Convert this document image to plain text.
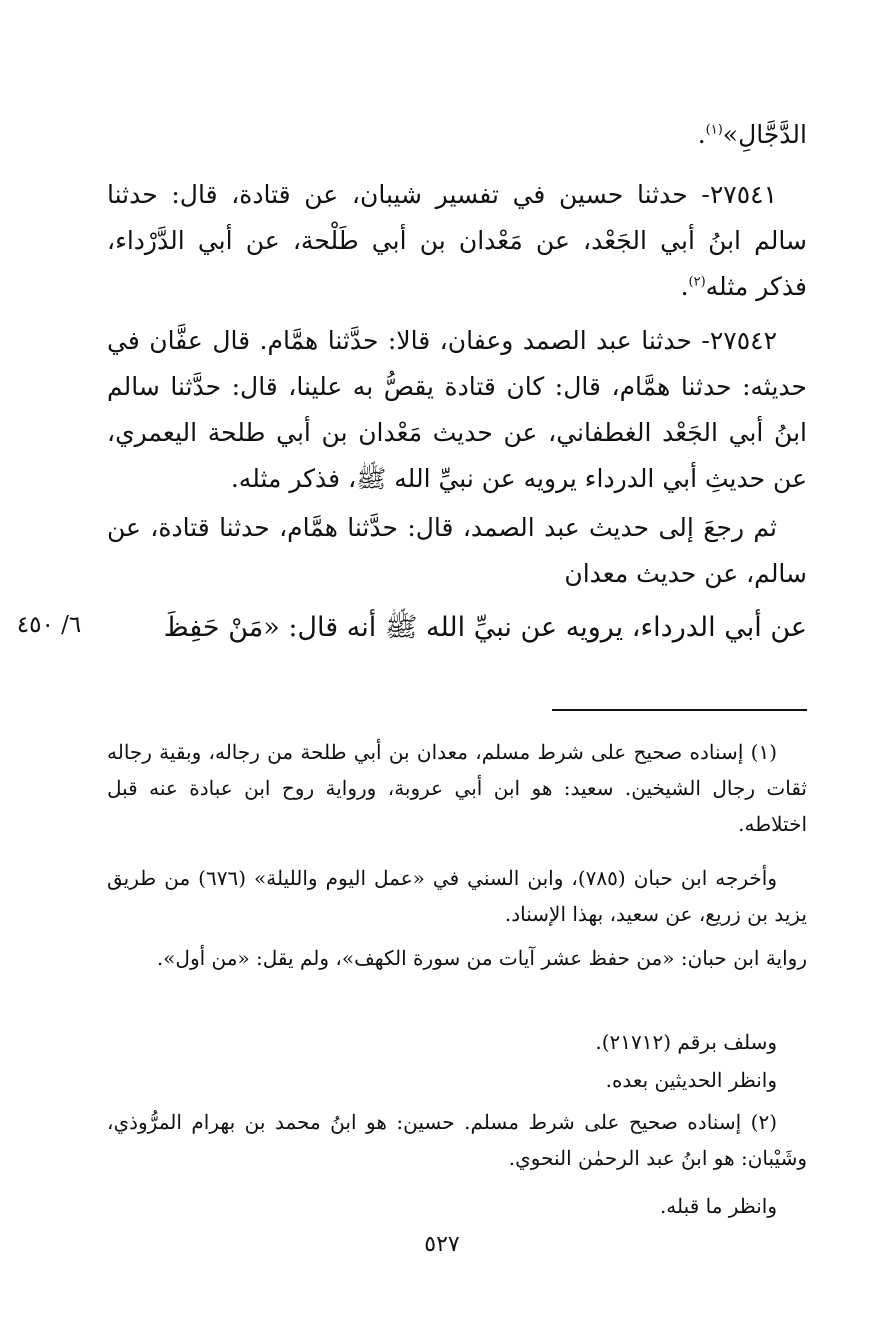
الدَّجَّالِ»$^{(١)}$.
٢٧٥٤١- حدثنا حسين في تفسير شيبان، عن قتادة، قال: حدثنا سالم ابنُ أبي الجَعْد، عن مَعْدان بن أبي طَلْحة، عن أبي الدَّرْداء، فذكر مثله$^{(٢)}$.
٢٧٥٤٢- حدثنا عبد الصمد وعفان، قالا: حدَّثنا همَّام. قال عفَّان في حديثه: حدثنا همَّام، قال: كان قتادة يقصُّ به علينا، قال: حدَّثنا سالم ابنُ أبي الجَعْد الغطفاني، عن حديث مَعْدان بن أبي طلحة اليعمري، عن حديثِ أبي الدرداء يرويه عن نبيِّ الله ﷺ، فذكر مثله.
ثم رجعَ إلى حديث عبد الصمد، قال: حدَّثنا همَّام، حدثنا قتادة، عن سالم، عن حديث معدان
عن أبي الدرداء، يرويه عن نبيِّ الله ﷺ أنه قال: «مَنْ حَفِظَ
٦/ ٤٥٠
(١) إسناده صحيح على شرط مسلم، معدان بن أبي طلحة من رجاله، وبقية رجاله ثقات رجال الشيخين. سعيد: هو ابن أبي عروبة، ورواية روح ابن عبادة عنه قبل اختلاطه.
وأخرجه ابن حبان (٧٨٥)، وابن السني في «عمل اليوم والليلة» (٦٧٦) من طريق يزيد بن زريع، عن سعيد، بهذا الإسناد.
رواية ابن حبان: «من حفظ عشر آيات من سورة الكهف»، ولم يقل: «من أول».
وسلف برقم (٢١٧١٢).
وانظر الحديثين بعده.
(٢) إسناده صحيح على شرط مسلم. حسين: هو ابنُ محمد بن بهرام المرُّوذي، وشَيْبان: هو ابنُ عبد الرحمٰن النحوي.
وانظر ما قبله.
٥٢٧
